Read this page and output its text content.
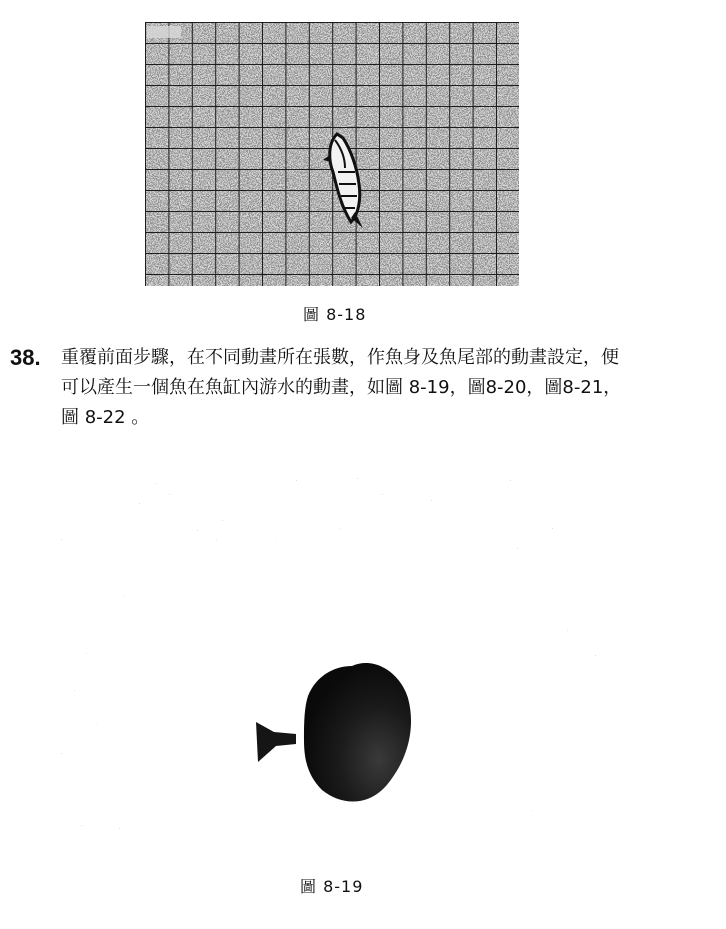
圖 8-18
38. 重覆前面步驟，在不同動畫所在張數，作魚身及魚尾部的動畫設定，便
可以產生一個魚在魚缸內游水的動畫，如圖 8-19，圖8-20，圖8-21，
圖 8-22 。

圖 8-19
